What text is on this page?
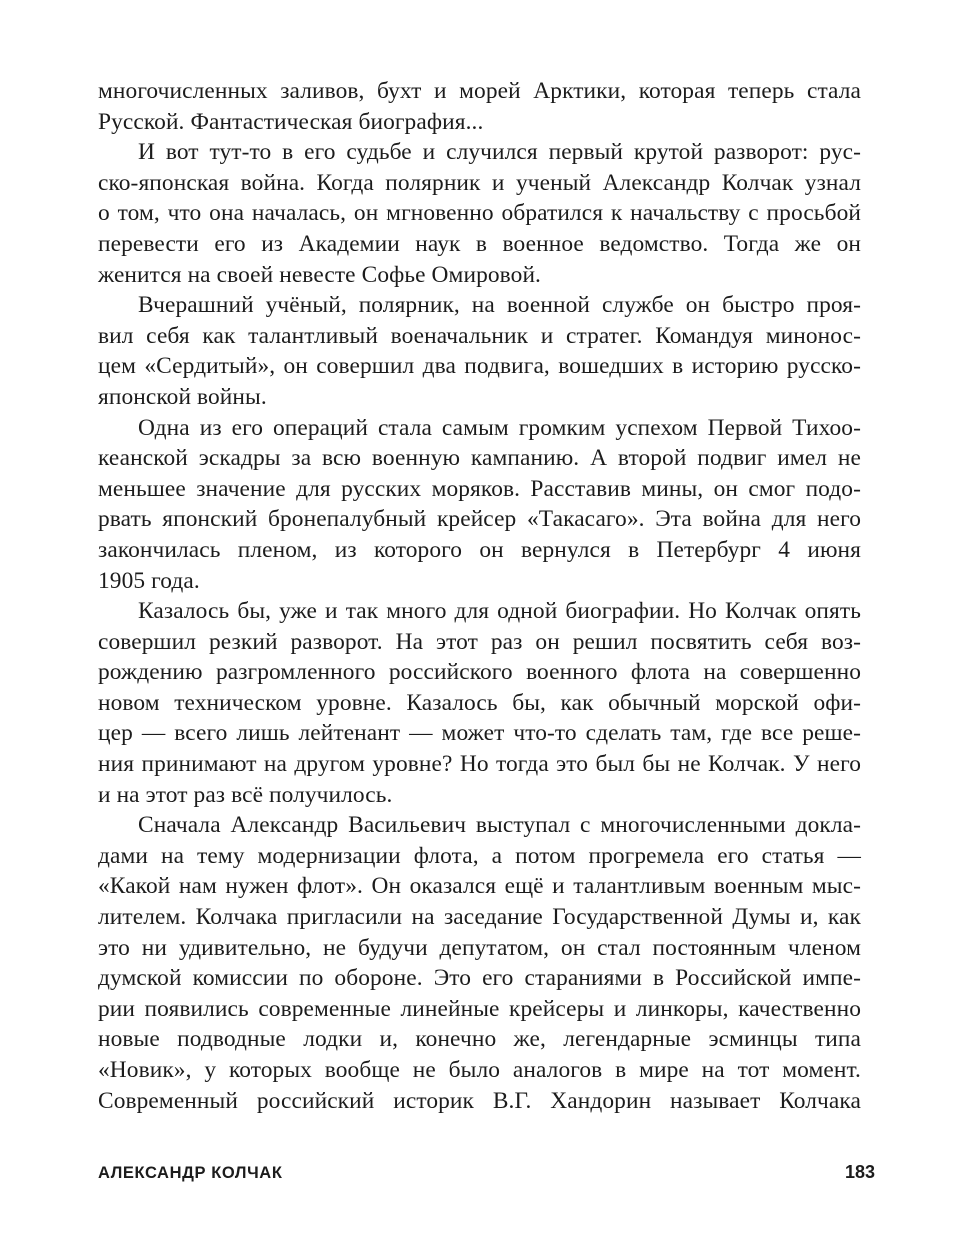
многочисленных заливов, бухт и морей Арктики, которая теперь стала
Русской. Фантастическая биография...
И вот тут-то в его судьбе и случился первый крутой разворот: рус-
ско-японская война. Когда полярник и ученый Александр Колчак узнал
о том, что она началась, он мгновенно обратился к начальству с просьбой
перевести его из Академии наук в военное ведомство. Тогда же он
женится на своей невесте Софье Омировой.
Вчерашний учёный, полярник, на военной службе он быстро проя-
вил себя как талантливый военачальник и стратег. Командуя минонос-
цем «Сердитый», он совершил два подвига, вошедших в историю русско-
японской войны.
Одна из его операций стала самым громким успехом Первой Тихоо-
кеанской эскадры за всю военную кампанию. А второй подвиг имел не
меньшее значение для русских моряков. Расставив мины, он смог подо-
рвать японский бронепалубный крейсер «Такасаго». Эта война для него
закончилась пленом, из которого он вернулся в Петербург 4 июня
1905 года.
Казалось бы, уже и так много для одной биографии. Но Колчак опять
совершил резкий разворот. На этот раз он решил посвятить себя воз-
рождению разгромленного российского военного флота на совершенно
новом техническом уровне. Казалось бы, как обычный морской офи-
цер — всего лишь лейтенант — может что-то сделать там, где все реше-
ния принимают на другом уровне? Но тогда это был бы не Колчак. У него
и на этот раз всё получилось.
Сначала Александр Васильевич выступал с многочисленными докла-
дами на тему модернизации флота, а потом прогремела его статья —
«Какой нам нужен флот». Он оказался ещё и талантливым военным мыс-
лителем. Колчака пригласили на заседание Государственной Думы и, как
это ни удивительно, не будучи депутатом, он стал постоянным членом
думской комиссии по обороне. Это его стараниями в Российской импе-
рии появились современные линейные крейсеры и линкоры, качественно
новые подводные лодки и, конечно же, легендарные эсминцы типа
«Новик», у которых вообще не было аналогов в мире на тот момент.
Современный российский историк В.Г. Хандорин называет Колчака
АЛЕКСАНДР КОЛЧАК	183
